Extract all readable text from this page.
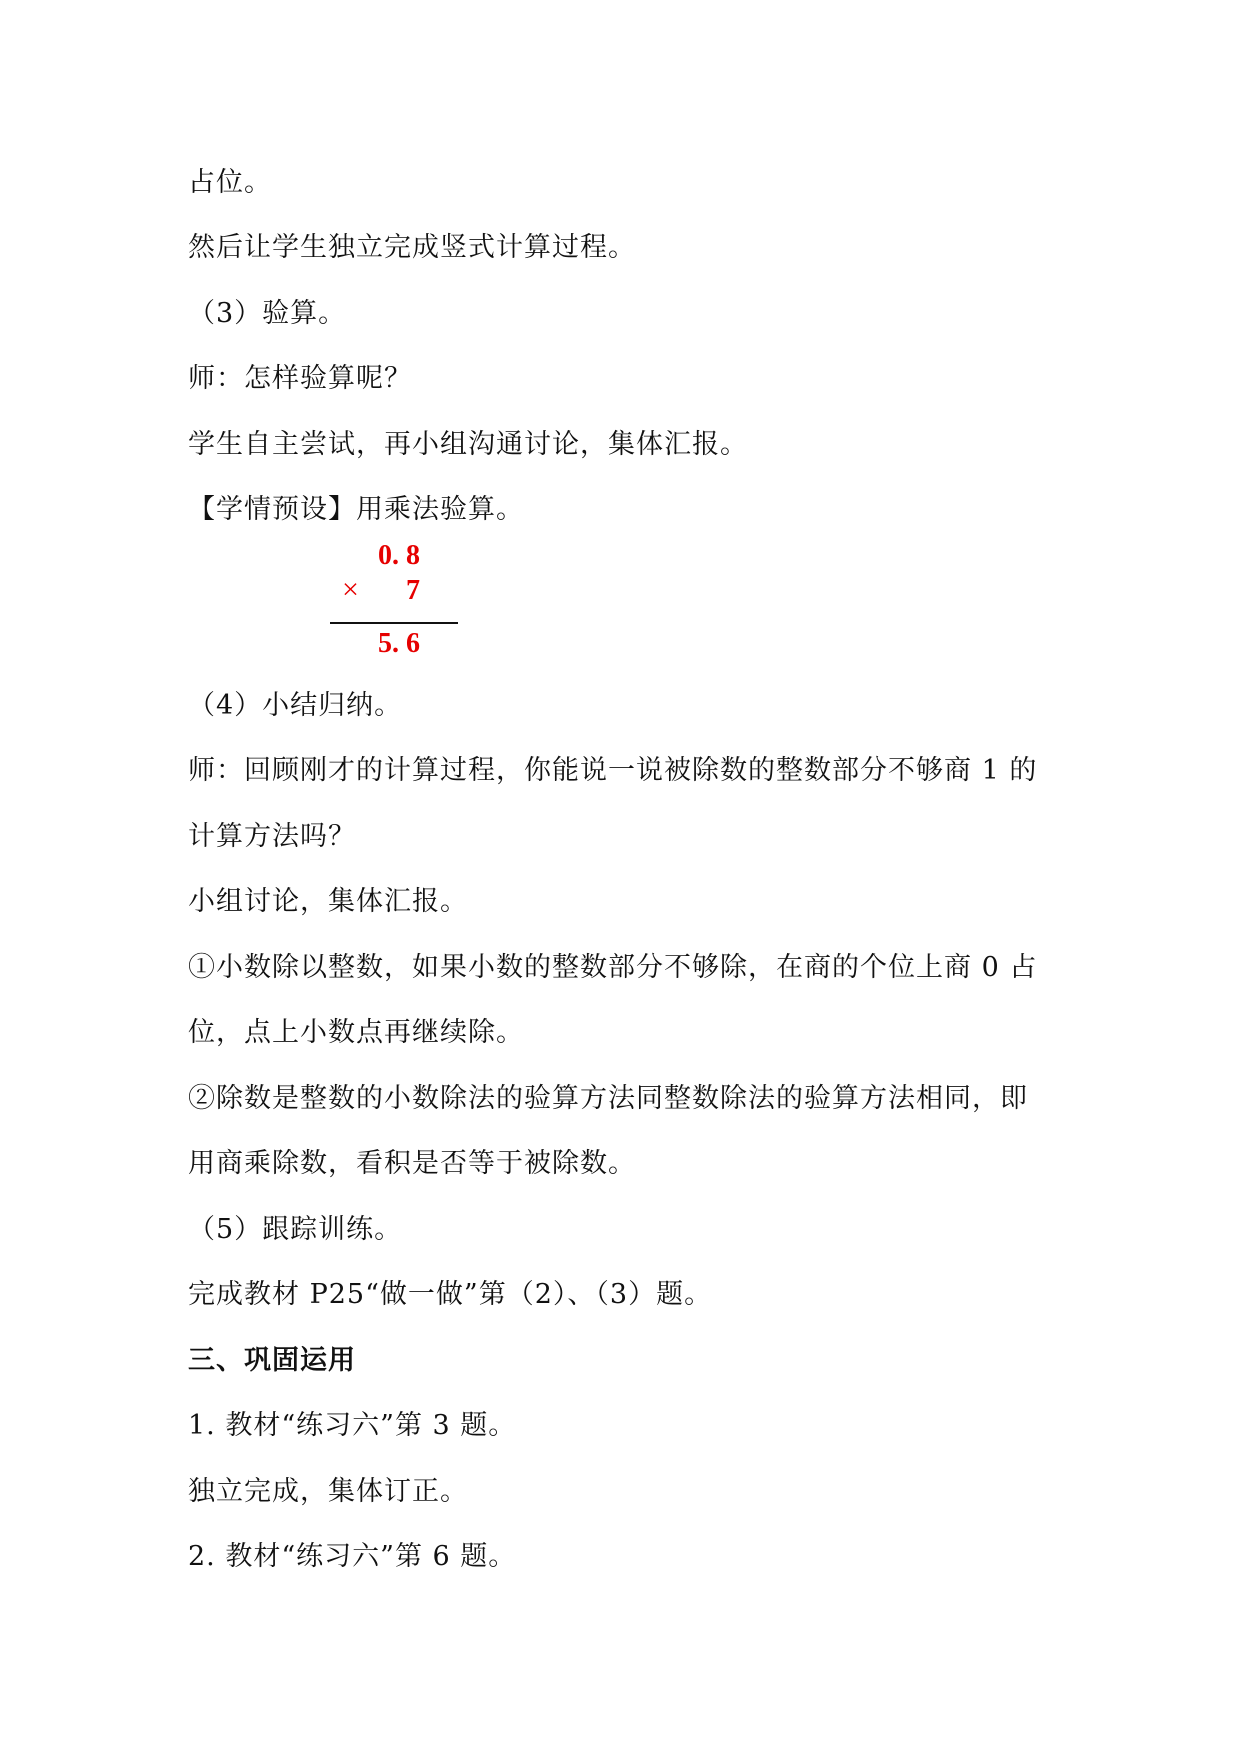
占位。
然后让学生独立完成竖式计算过程。
（3）验算。
师：怎样验算呢？
学生自主尝试，再小组沟通讨论，集体汇报。
【学情预设】用乘法验算。
0. 8
× 7
5. 6
（4）小结归纳。
师：回顾刚才的计算过程，你能说一说被除数的整数部分不够商 1 的
计算方法吗？
小组讨论，集体汇报。
①小数除以整数，如果小数的整数部分不够除，在商的个位上商 0 占
位，点上小数点再继续除。
②除数是整数的小数除法的验算方法同整数除法的验算方法相同，即
用商乘除数，看积是否等于被除数。
（5）跟踪训练。
完成教材 P25“做一做”第（2）、（3）题。
三、巩固运用
1. 教材“练习六”第 3 题。
独立完成，集体订正。
2. 教材“练习六”第 6 题。
